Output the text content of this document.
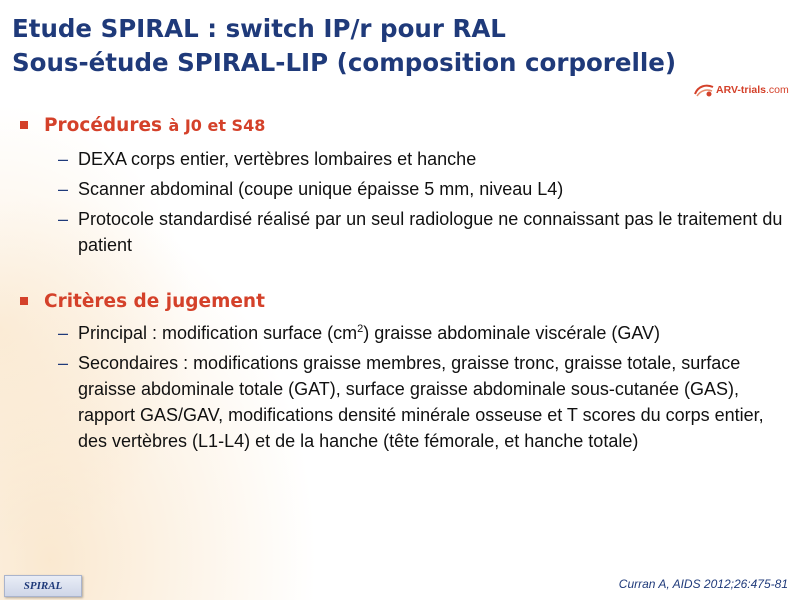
Etude SPIRAL : switch IP/r pour RAL
Sous-étude SPIRAL-LIP (composition corporelle)
ARV-trials.com
Procédures à J0 et S48
– DEXA corps entier, vertèbres lombaires et hanche
– Scanner abdominal (coupe unique épaisse 5 mm, niveau L4)
– Protocole standardisé réalisé par un seul radiologue ne connaissant pas le traitement du patient
Critères de jugement
– Principal : modification surface $(cm^2)$ graisse abdominale viscérale (GAV)
– Secondaires : modifications graisse membres, graisse tronc, graisse totale, surface graisse abdominale totale (GAT), surface graisse abdominale sous-cutanée (GAS), rapport GAS/GAV, modifications densité minérale osseuse et T scores du corps entier, des vertèbres (L1-L4) et de la hanche (tête fémorale, et hanche totale)
SPIRAL	Curran A, AIDS 2012;26:475-81
